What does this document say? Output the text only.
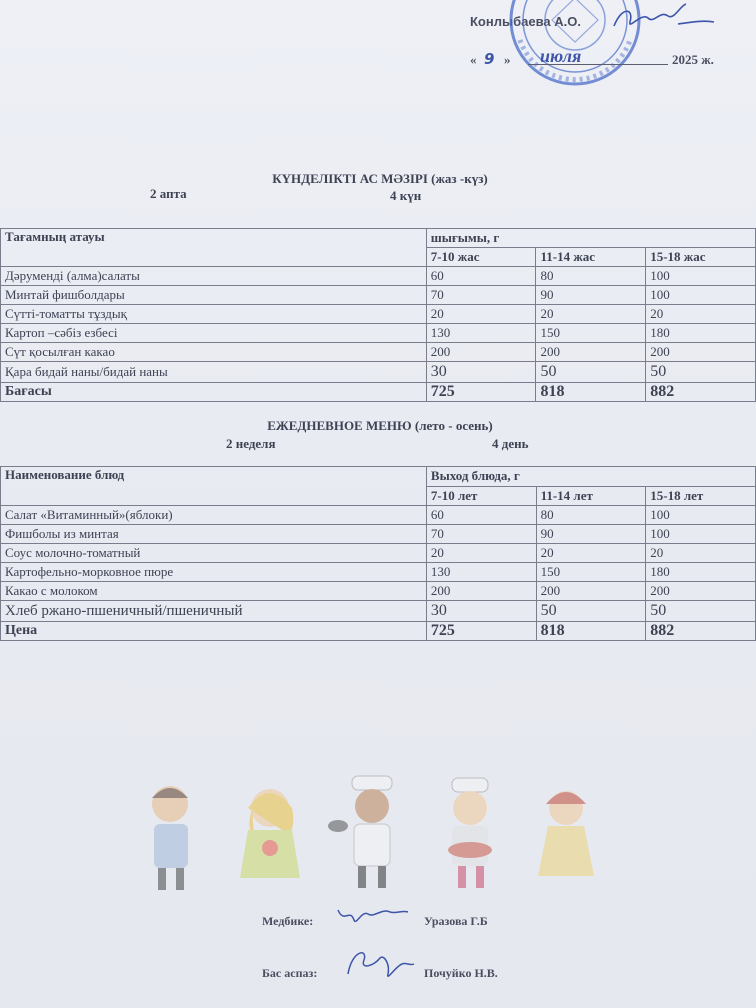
Конлыбаева А.О.
« 9 » июля	2025 ж.
КҮНДЕЛІКТІ АС МӘЗІРІ (жаз -күз)
2 апта	4 күн
Тағамның атауы	шығымы, г		
	7-10 жас	11-14 жас	15-18 жас
Дәруменді (алма)салаты	60	80	100
Минтай фишболдары	70	90	100
Сүтті-томатты тұздық	20	20	20
Картоп –сәбіз езбесі	130	150	180
Сүт қосылған какао	200	200	200
Қара бидай наны/бидай наны	30	50	50
Бағасы	725	818	882
ЕЖЕДНЕВНОЕ МЕНЮ (лето - осень)
2 неделя	4 день
Наименование блюд	Выход блюда, г		
	7-10 лет	11-14 лет	15-18 лет
Салат «Витаминный»(яблоки)	60	80	100
Фишболы из минтая	70	90	100
Соус молочно-томатный	20	20	20
Картофельно-морковное пюре	130	150	180
Какао с молоком	200	200	200
Хлеб ржано-пшеничный/пшеничный	30	50	50
Цена	725	818	882
Медбике:	Уразова Г.Б
Бас аспаз:	Почуйко Н.В.
